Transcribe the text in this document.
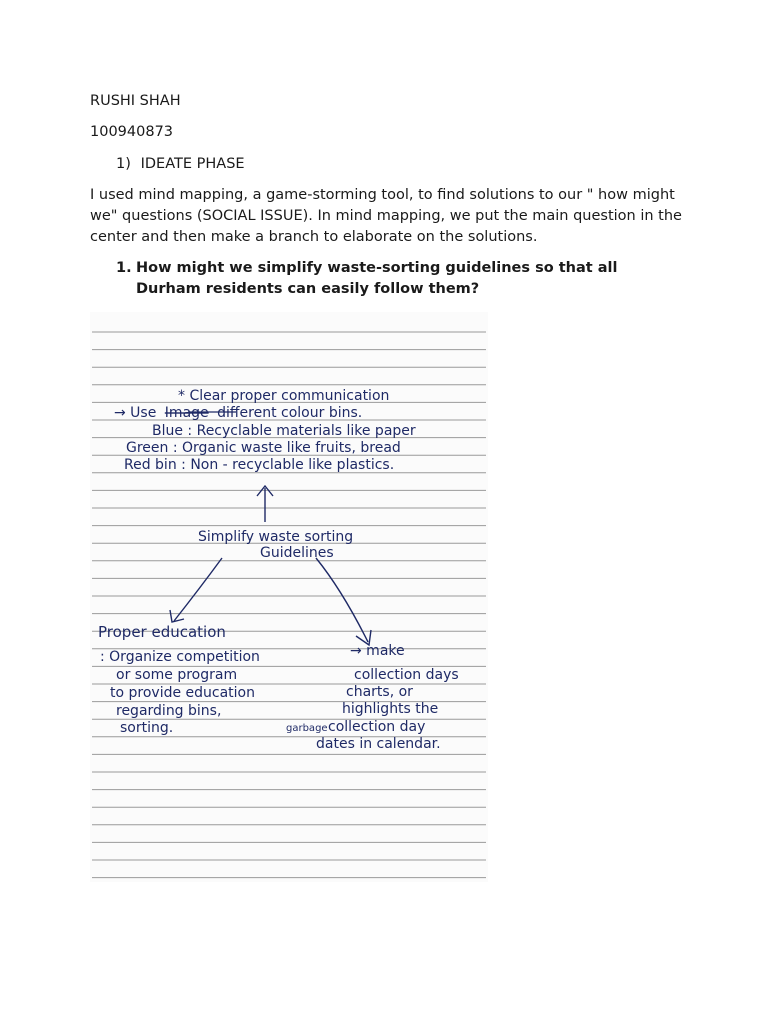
RUSHI SHAH
100940873
1) IDEATE PHASE
I used mind mapping, a game-storming tool, to find solutions to our " how might we" questions (SOCIAL ISSUE). In mind mapping, we put the main question in the center and then make a branch to elaborate on the solutions.
1. How might we simplify waste-sorting guidelines so that all Durham residents can easily follow them?
* Clear proper communication
→ Use Image different colour bins.
Blue : Recyclable materials like paper
Green : Organic waste like fruits, bread
Red bin : Non - recyclable like plastics.
Simplify waste sorting
Guidelines
Proper education
: Organize competition
or some program
to provide education
regarding bins,
sorting.
→ make
collection days
charts, or
highlights the
garbage collection day
dates in calendar.
